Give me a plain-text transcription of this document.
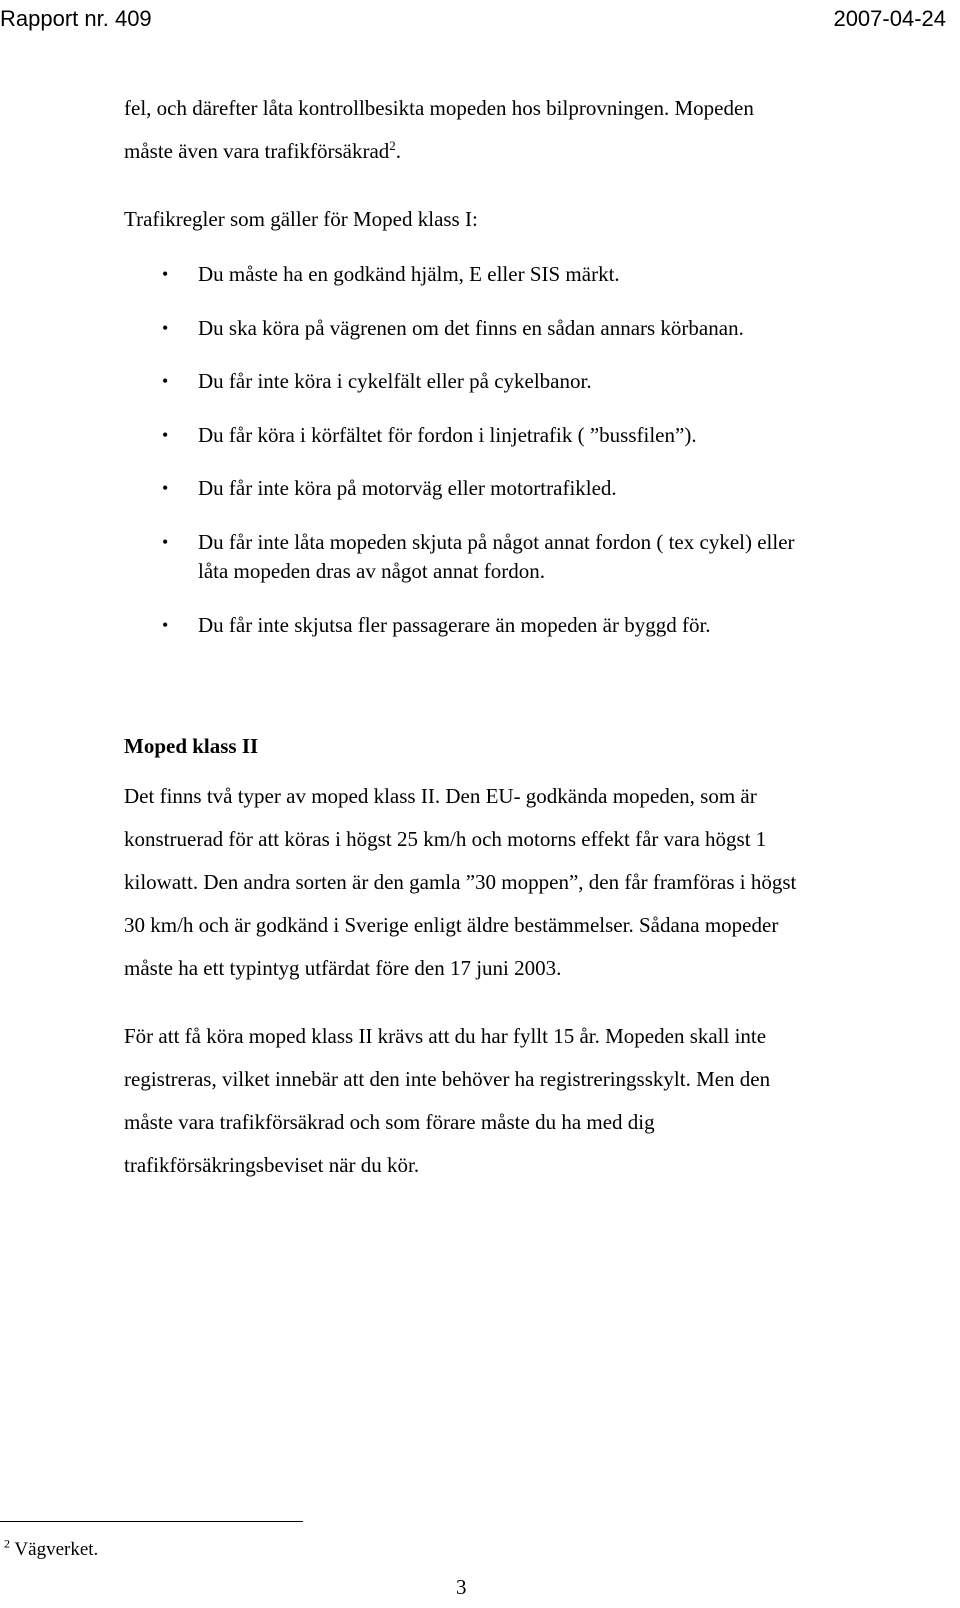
Rapport nr. 409	2007-04-24
fel, och därefter låta kontrollbesikta mopeden hos bilprovningen. Mopeden
måste även vara trafikförsäkrad$^2$.
Trafikregler som gäller för Moped klass I:
• Du måste ha en godkänd hjälm, E eller SIS märkt.
• Du ska köra på vägrenen om det finns en sådan annars körbanan.
• Du får inte köra i cykelfält eller på cykelbanor.
• Du får köra i körfältet för fordon i linjetrafik ( ”bussfilen”).
• Du får inte köra på motorväg eller motortrafikled.
• Du får inte låta mopeden skjuta på något annat fordon ( tex cykel) eller
låta mopeden dras av något annat fordon.
• Du får inte skjutsa fler passagerare än mopeden är byggd för.
Moped klass II
Det finns två typer av moped klass II. Den EU- godkända mopeden, som är
konstruerad för att köras i högst 25 km/h och motorns effekt får vara högst 1
kilowatt. Den andra sorten är den gamla ”30 moppen”, den får framföras i högst
30 km/h och är godkänd i Sverige enligt äldre bestämmelser. Sådana mopeder
måste ha ett typintyg utfärdat före den 17 juni 2003.
För att få köra moped klass II krävs att du har fyllt 15 år. Mopeden skall inte
registreras, vilket innebär att den inte behöver ha registreringsskylt. Men den
måste vara trafikförsäkrad och som förare måste du ha med dig
trafikförsäkringsbeviset när du kör.
$^2$ Vägverket.
3
